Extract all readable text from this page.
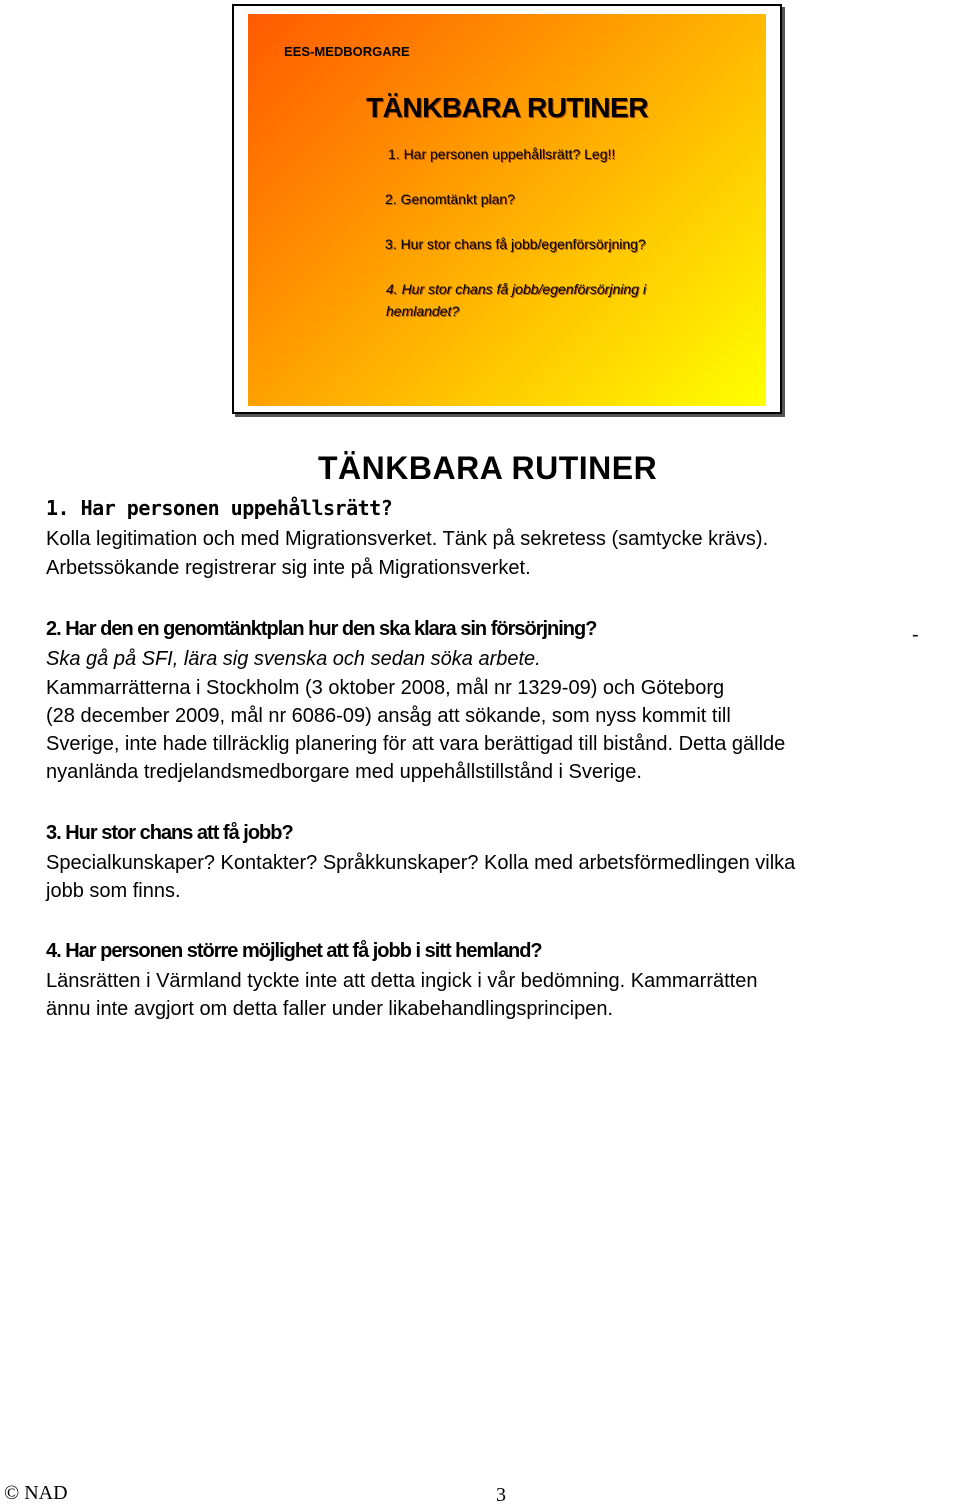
EES-MEDBORGARE
TÄNKBARA RUTINER
1. Har personen uppehållsrätt? Leg!!
2. Genomtänkt plan?
3. Hur stor chans få jobb/egenförsörjning?
4. Hur stor chans få jobb/egenförsörjning i
hemlandet?
TÄNKBARA RUTINER
1. Har personen uppehållsrätt?
Kolla legitimation och med Migrationsverket. Tänk på sekretess (samtycke krävs).
Arbetssökande registrerar sig inte på Migrationsverket.
2. Har den en genomtänktplan hur den ska klara sin försörjning?	-
Ska gå på SFI, lära sig svenska och sedan söka arbete.
Kammarrätterna i Stockholm (3 oktober 2008, mål nr 1329-09) och Göteborg
(28 december 2009, mål nr 6086-09) ansåg att sökande, som nyss kommit till
Sverige, inte hade tillräcklig planering för att vara berättigad till bistånd. Detta gällde
nyanlända tredjelandsmedborgare med uppehållstillstånd i Sverige.
3. Hur stor chans att få jobb?
Specialkunskaper? Kontakter? Språkkunskaper? Kolla med arbetsförmedlingen vilka
jobb som finns.
4. Har personen större möjlighet att få jobb i sitt hemland?
Länsrätten i Värmland tyckte inte att detta ingick i vår bedömning. Kammarrätten
ännu inte avgjort om detta faller under likabehandlingsprincipen.
© NAD	3
